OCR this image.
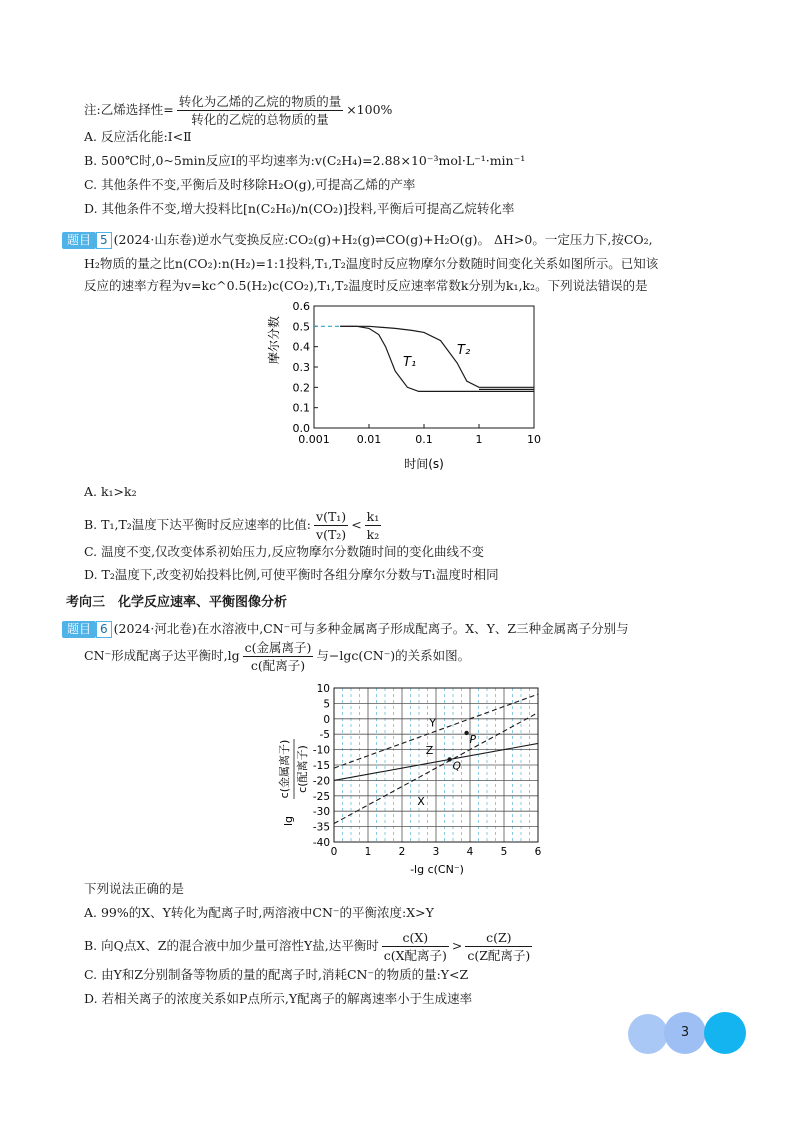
注:乙烯选择性= $\frac{\text{转化为乙烯的乙烷的物质的量}}{\text{转化的乙烷的总物质的量}} \times 100\%$
A. 反应活化能:Ⅰ<Ⅱ
B. 500℃时,0~5min反应Ⅰ的平均速率为:v(C₂H₄)=2.88×10⁻³mol·L⁻¹·min⁻¹
C. 其他条件不变,平衡后及时移除H₂O(g),可提高乙烯的产率
D. 其他条件不变,增大投料比[n(C₂H₆)/n(CO₂)]投料,平衡后可提高乙烷转化率
题目 5 (2024·山东卷)逆水气变换反应:CO₂(g)+H₂(g)⇌CO(g)+H₂O(g)。 ΔH>0。一定压力下,按CO₂,
H₂物质的量之比n(CO₂):n(H₂)=1:1投料,T₁,T₂温度时反应物摩尔分数随时间变化关系如图所示。已知该
反应的速率方程为v=kc^0.5(H₂)c(CO₂),T₁,T₂温度时反应速率常数k分别为k₁,k₂。下列说法错误的是
0.0
0.1
0.2
0.3
0.4
0.5
0.6
0.001 0.01	0.1	1	10
摩尔分数
时间(s)
T₁
T₂
A. k₁>k₂
B. T₁,T₂温度下达平衡时反应速率的比值: $\frac{\text{v(T₁)}}{\text{v(T₂)}} < \frac{\text{k₁}}{\text{k₂}}$
C. 温度不变,仅改变体系初始压力,反应物摩尔分数随时间的变化曲线不变
D. T₂温度下,改变初始投料比例,可使平衡时各组分摩尔分数与T₁温度时相同
考向三　化学反应速率、平衡图像分析
题目 6 (2024·河北卷)在水溶液中,CN⁻可与多种金属离子形成配离子。X、Y、Z三种金属离子分别与
CN⁻形成配离子达平衡时$,\lg \frac{\text{c(金属离子)}}{\text{c(配离子)}}$ 与−lgc(CN⁻)的关系如图。
10
5
0
-5
-10
-15
-20
-25
-30
-35
-40
0	1	2	3	4	5	6
X
Y
Z
P
Q
lg
c(金属离子) c(配离子)
-lg c(CN⁻)
下列说法正确的是
A. 99%的X、Y转化为配离子时,两溶液中CN⁻的平衡浓度:X>Y
B. 向Q点X、Z的混合液中加少量可溶性Y盐,达平衡时 $\frac{c(X)}{\text{c(X配离子)}} > \frac{c(Z)}{\text{c(Z配离子)}}$
C. 由Y和Z分别制备等物质的量的配离子时,消耗CN⁻的物质的量:Y<Z
D. 若相关离子的浓度关系如P点所示,Y配离子的解离速率小于生成速率
3
